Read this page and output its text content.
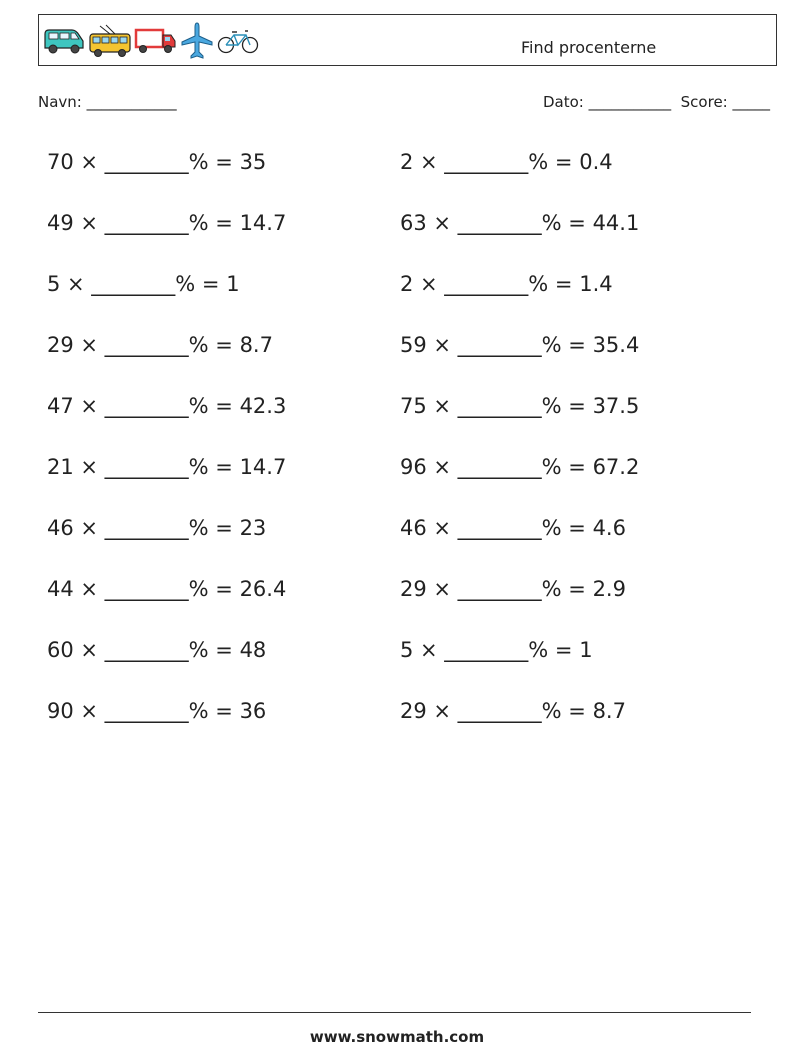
Find procenterne
Navn: ____________	Dato: ___________  Score: _____
70 × ________% = 35	2 × ________% = 0.4
49 × ________% = 14.7	63 × ________% = 44.1
5 × ________% = 1	2 × ________% = 1.4
29 × ________% = 8.7	59 × ________% = 35.4
47 × ________% = 42.3	75 × ________% = 37.5
21 × ________% = 14.7	96 × ________% = 67.2
46 × ________% = 23	46 × ________% = 4.6
44 × ________% = 26.4	29 × ________% = 2.9
60 × ________% = 48	5 × ________% = 1
90 × ________% = 36	29 × ________% = 8.7
www.snowmath.com
